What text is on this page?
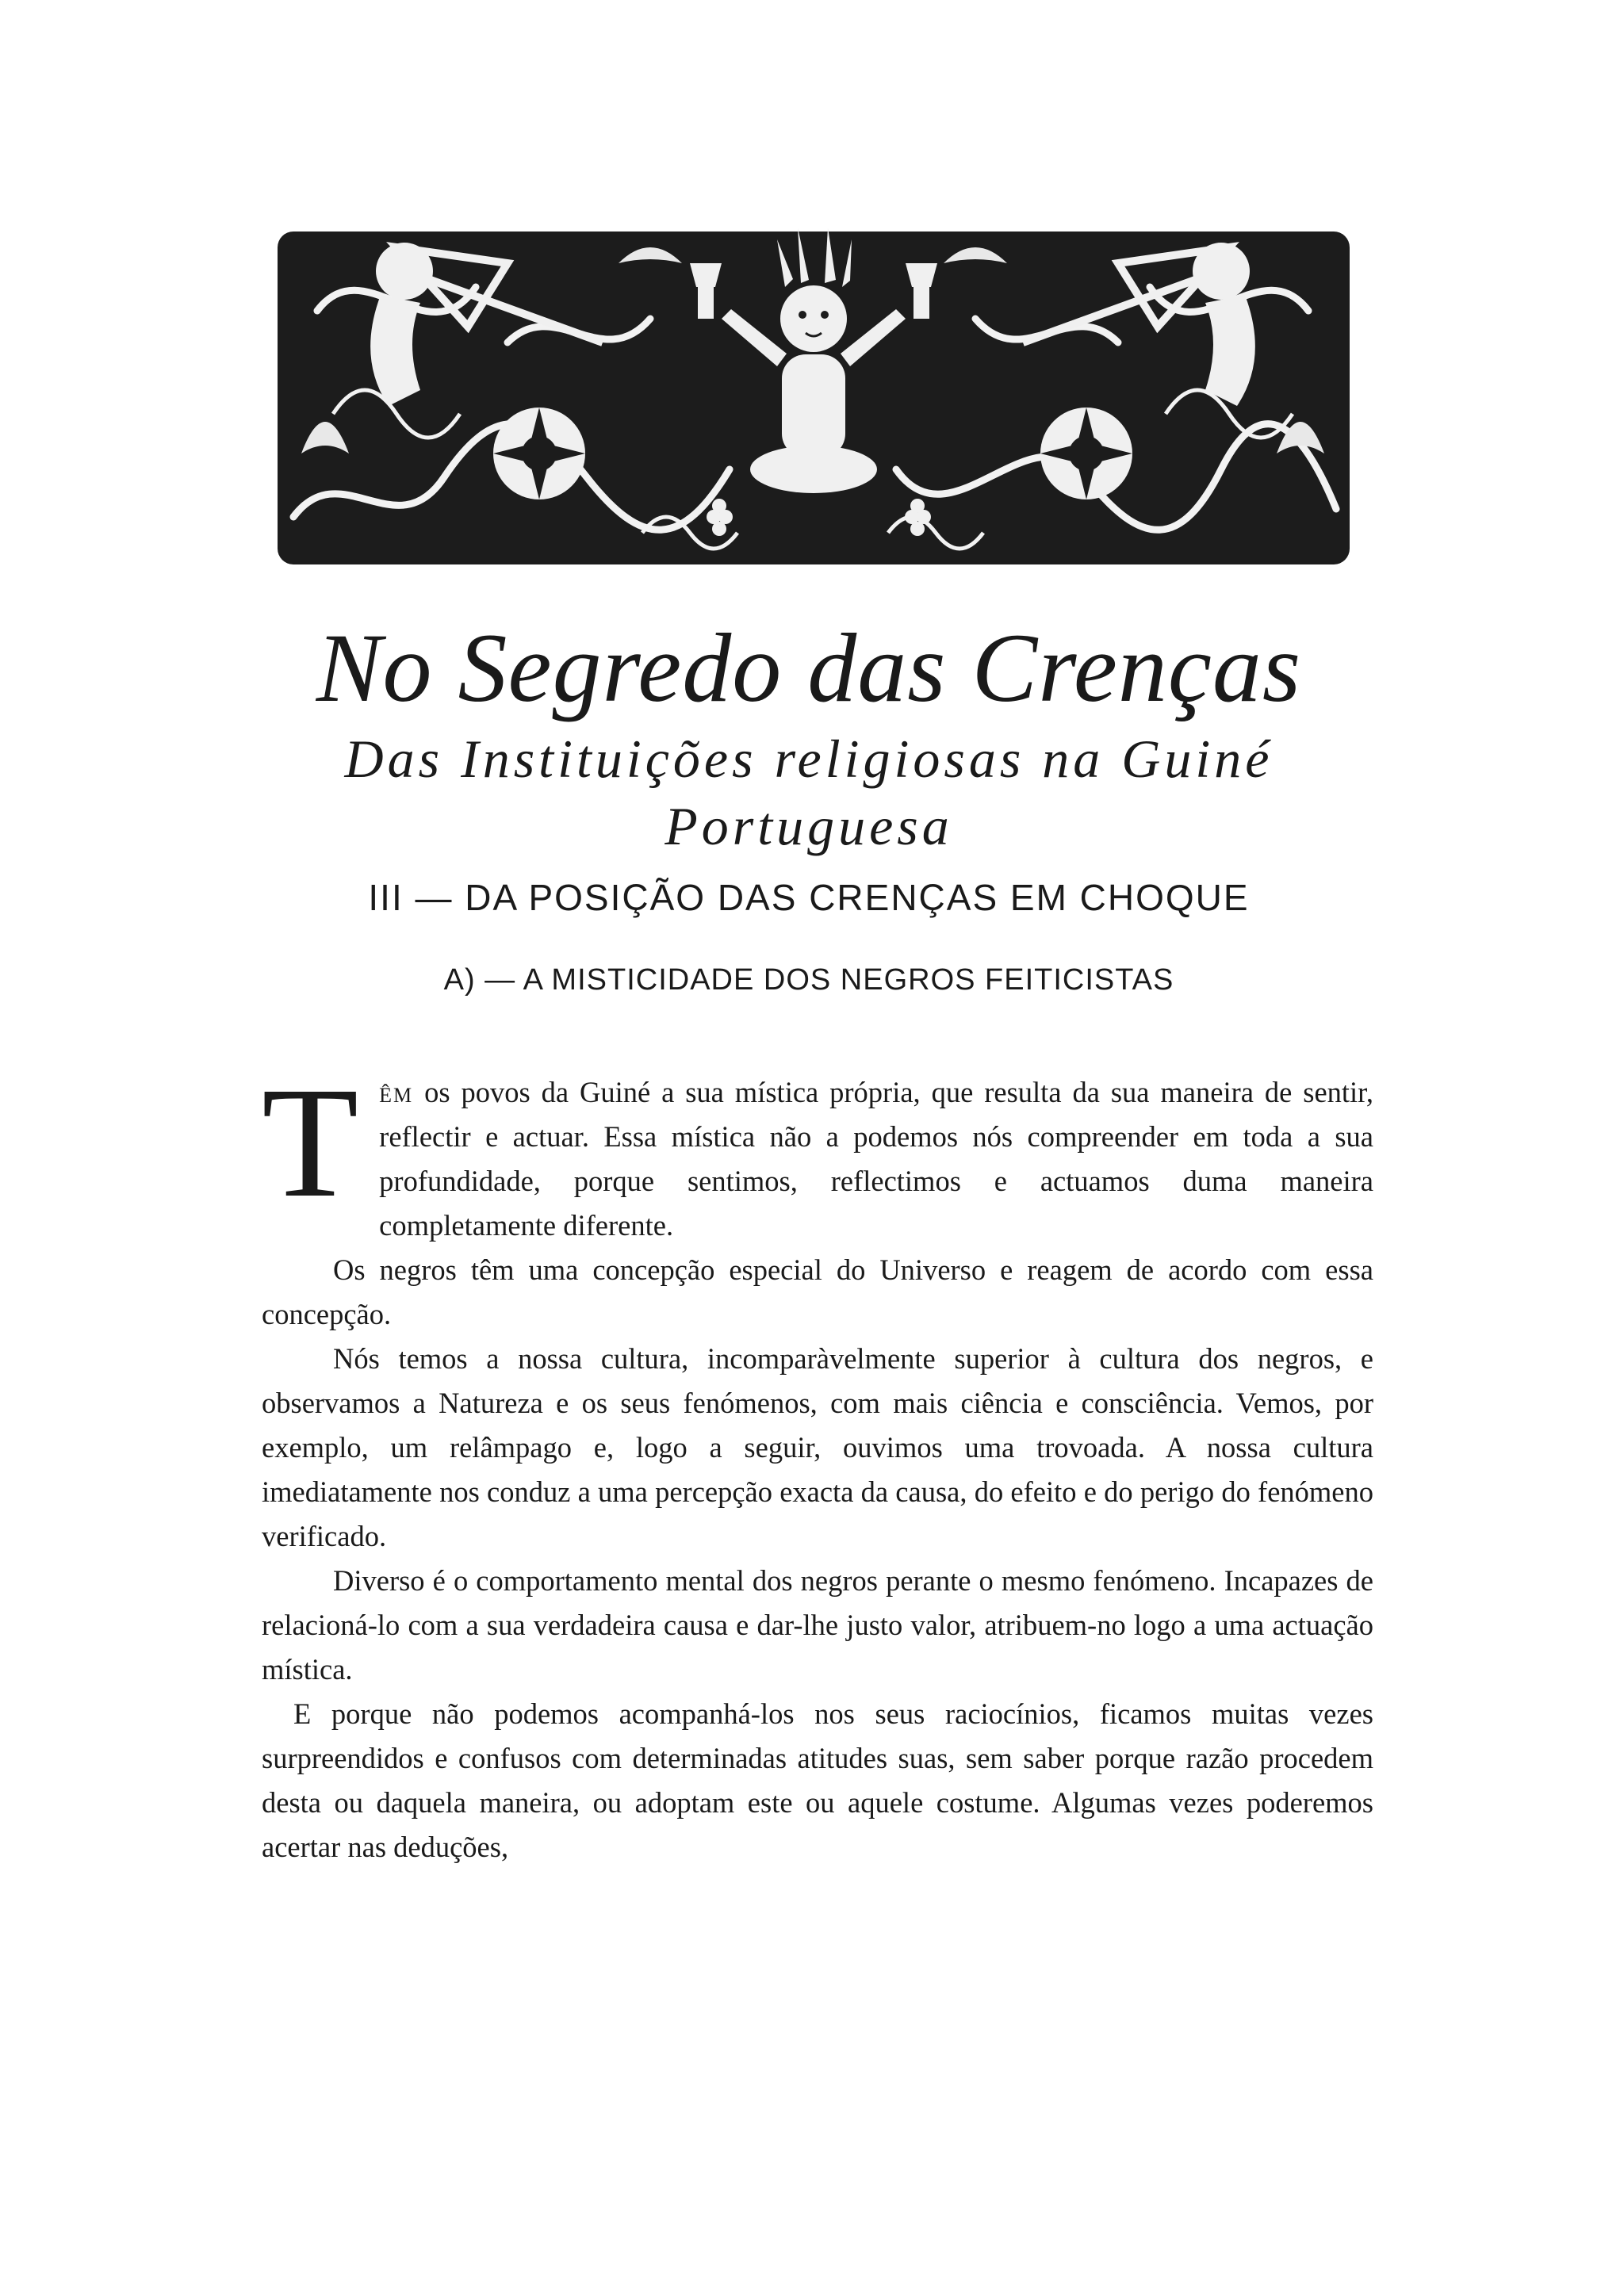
No Segredo das Crenças
Das Instituições religiosas na Guiné Portuguesa
III — DA POSIÇÃO DAS CRENÇAS EM CHOQUE
A) — A MISTICIDADE DOS NEGROS FEITICISTAS

Têm os povos da Guiné a sua mística própria, que resulta da sua maneira de sentir, reflectir e actuar. Essa mística não a podemos nós compreender em toda a sua profundidade, porque sentimos, reflectimos e actuamos duma maneira completamente diferente.

Os negros têm uma concepção especial do Universo e reagem de acordo com essa concepção.

Nós temos a nossa cultura, incomparàvelmente superior à cultura dos negros, e observamos a Natureza e os seus fenómenos, com mais ciência e consciência. Vemos, por exemplo, um relâmpago e, logo a seguir, ouvimos uma trovoada. A nossa cultura imediatamente nos conduz a uma percepção exacta da causa, do efeito e do perigo do fenómeno verificado.

Diverso é o comportamento mental dos negros perante o mesmo fenómeno. Incapazes de relacioná-lo com a sua verdadeira causa e dar-lhe justo valor, atribuem-no logo a uma actuação mística.

E porque não podemos acompanhá-los nos seus raciocínios, ficamos muitas vezes surpreendidos e confusos com determinadas atitudes suas, sem saber porque razão procedem desta ou daquela maneira, ou adoptam este ou aquele costume. Algumas vezes poderemos acertar nas deduções,
